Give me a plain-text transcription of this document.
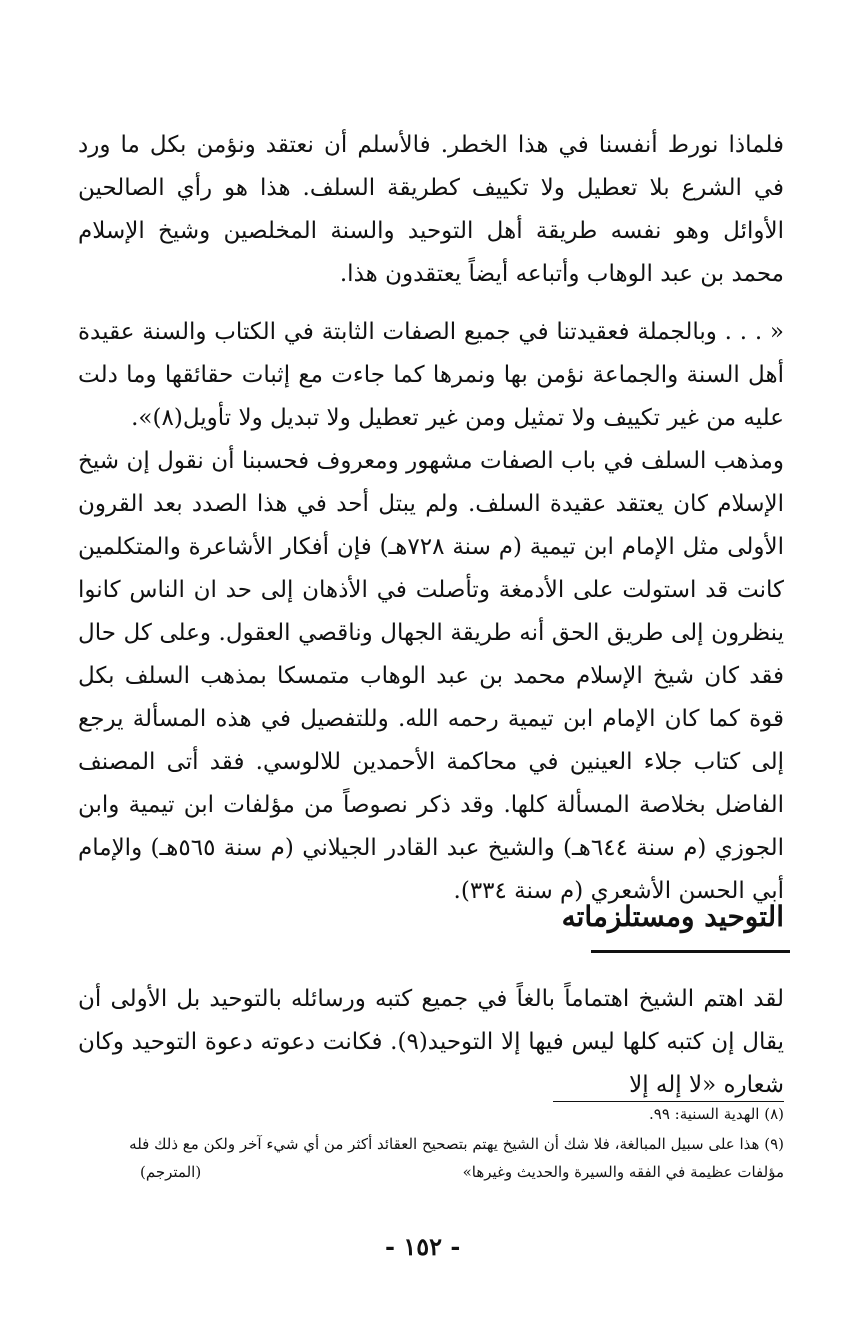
فلماذا نورط أنفسنا في هذا الخطر. فالأسلم أن نعتقد ونؤمن بكل ما ورد في الشرع بلا تعطيل ولا تكييف كطريقة السلف. هذا هو رأي الصالحين الأوائل وهو نفسه طريقة أهل التوحيد والسنة المخلصين وشيخ الإسلام محمد بن عبد الوهاب وأتباعه أيضاً يعتقدون هذا.

« . . . وبالجملة فعقيدتنا في جميع الصفات الثابتة في الكتاب والسنة عقيدة أهل السنة والجماعة نؤمن بها ونمرها كما جاءت مع إثبات حقائقها وما دلت عليه من غير تكييف ولا تمثيل ومن غير تعطيل ولا تبديل ولا تأويل(٨)».

ومذهب السلف في باب الصفات مشهور ومعروف فحسبنا أن نقول إن شيخ الإسلام كان يعتقد عقيدة السلف. ولم يبتل أحد في هذا الصدد بعد القرون الأولى مثل الإمام ابن تيمية (م سنة ٧٢٨هـ) فإن أفكار الأشاعرة والمتكلمين كانت قد استولت على الأدمغة وتأصلت في الأذهان إلى حد ان الناس كانوا ينظرون إلى طريق الحق أنه طريقة الجهال وناقصي العقول. وعلى كل حال فقد كان شيخ الإسلام محمد بن عبد الوهاب متمسكا بمذهب السلف بكل قوة كما كان الإمام ابن تيمية رحمه الله. وللتفصيل في هذه المسألة يرجع إلى كتاب جلاء العينين في محاكمة الأحمدين للالوسي. فقد أتى المصنف الفاضل بخلاصة المسألة كلها. وقد ذكر نصوصاً من مؤلفات ابن تيمية وابن الجوزي (م سنة ٦٤٤هـ) والشيخ عبد القادر الجيلاني (م سنة ٥٦٥هـ) والإمام أبي الحسن الأشعري (م سنة ٣٣٤).

التوحيد ومستلزماته

لقد اهتم الشيخ اهتماماً بالغاً في جميع كتبه ورسائله بالتوحيد بل الأولى أن يقال إن كتبه كلها ليس فيها إلا التوحيد(٩). فكانت دعوته دعوة التوحيد وكان شعاره «لا إله إلا

(٨) الهدية السنية: ٩٩.
(٩) هذا على سبيل المبالغة، فلا شك أن الشيخ يهتم بتصحيح العقائد أكثر من أي شيء آخر ولكن مع ذلك فله
مؤلفات عظيمة في الفقه والسيرة والحديث وغيرها»
(المترجم)
- ١٥٢ -
